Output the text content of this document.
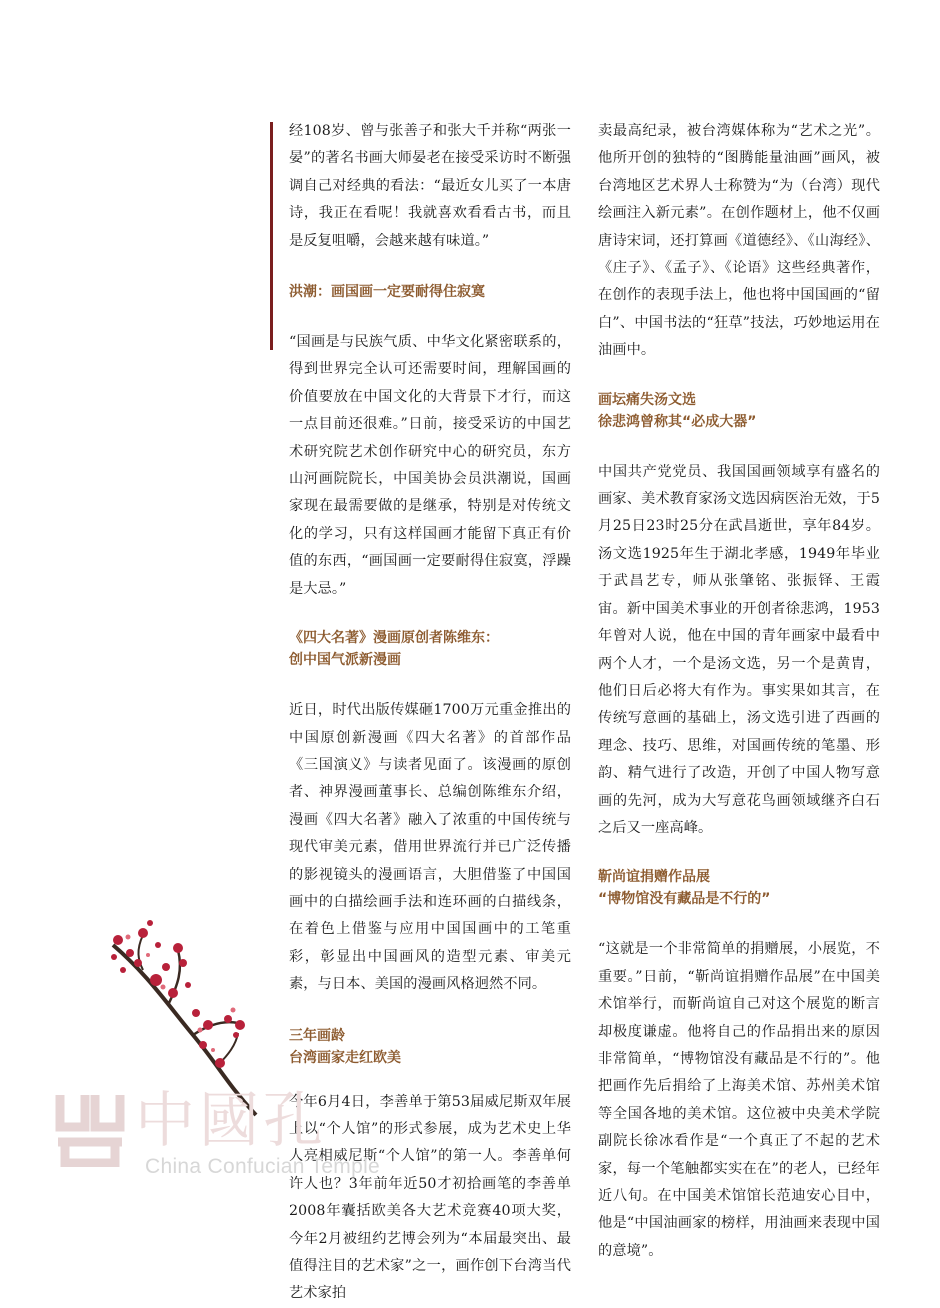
经108岁、曾与张善子和张大千并称“两张一晏”的著名书画大师晏老在接受采访时不断强调自己对经典的看法：“最近女儿买了一本唐诗，我正在看呢！我就喜欢看看古书，而且是反复咀嚼，会越来越有味道。”

洪潮：画国画一定要耐得住寂寞

“国画是与民族气质、中华文化紧密联系的，得到世界完全认可还需要时间，理解国画的价值要放在中国文化的大背景下才行，而这一点目前还很难。”日前，接受采访的中国艺术研究院艺术创作研究中心的研究员，东方山河画院院长，中国美协会员洪潮说，国画家现在最需要做的是继承，特别是对传统文化的学习，只有这样国画才能留下真正有价值的东西，“画国画一定要耐得住寂寞，浮躁是大忌。”

《四大名著》漫画原创者陈维东：
创中国气派新漫画

近日，时代出版传媒砸1700万元重金推出的中国原创新漫画《四大名著》的首部作品《三国演义》与读者见面了。该漫画的原创者、神界漫画董事长、总编创陈维东介绍，漫画《四大名著》融入了浓重的中国传统与现代审美元素，借用世界流行并已广泛传播的影视镜头的漫画语言，大胆借鉴了中国国画中的白描绘画手法和连环画的白描线条，在着色上借鉴与应用中国国画中的工笔重彩，彰显出中国画风的造型元素、审美元素，与日本、美国的漫画风格迥然不同。

三年画龄
台湾画家走红欧美

今年6月4日，李善单于第53届威尼斯双年展上以“个人馆”的形式参展，成为艺术史上华人亮相威尼斯“个人馆”的第一人。李善单何许人也？3年前年近50才初拾画笔的李善单2008年囊括欧美各大艺术竞赛40项大奖，今年2月被纽约艺博会列为“本届最突出、最值得注目的艺术家”之一，画作创下台湾当代艺术家拍

卖最高纪录，被台湾媒体称为“艺术之光”。他所开创的独特的“图腾能量油画”画风，被台湾地区艺术界人士称赞为“为（台湾）现代绘画注入新元素”。在创作题材上，他不仅画唐诗宋词，还打算画《道德经》、《山海经》、《庄子》、《孟子》、《论语》这些经典著作，在创作的表现手法上，他也将中国国画的“留白”、中国书法的“狂草”技法，巧妙地运用在油画中。

画坛痛失汤文选
徐悲鸿曾称其“必成大器”

中国共产党党员、我国国画领域享有盛名的画家、美术教育家汤文选因病医治无效，于5月25日23时25分在武昌逝世，享年84岁。汤文选1925年生于湖北孝感，1949年毕业于武昌艺专，师从张肇铭、张振铎、王霞宙。新中国美术事业的开创者徐悲鸿，1953年曾对人说，他在中国的青年画家中最看中两个人才，一个是汤文选，另一个是黄胄，他们日后必将大有作为。事实果如其言，在传统写意画的基础上，汤文选引进了西画的理念、技巧、思维，对国画传统的笔墨、形韵、精气进行了改造，开创了中国人物写意画的先河，成为大写意花鸟画领域继齐白石之后又一座高峰。

靳尚谊捐赠作品展
“博物馆没有藏品是不行的”

“这就是一个非常简单的捐赠展，小展览，不重要。”日前，“靳尚谊捐赠作品展”在中国美术馆举行，而靳尚谊自己对这个展览的断言却极度谦虚。他将自己的作品捐出来的原因非常简单，“博物馆没有藏品是不行的”。他把画作先后捐给了上海美术馆、苏州美术馆等全国各地的美术馆。这位被中央美术学院副院长徐冰看作是“一个真正了不起的艺术家，每一个笔触都实实在在”的老人，已经年近八旬。在中国美术馆馆长范迪安心目中，他是“中国油画家的榜样，用油画来表现中国的意境”。

中國孔
China Confucian Temple
